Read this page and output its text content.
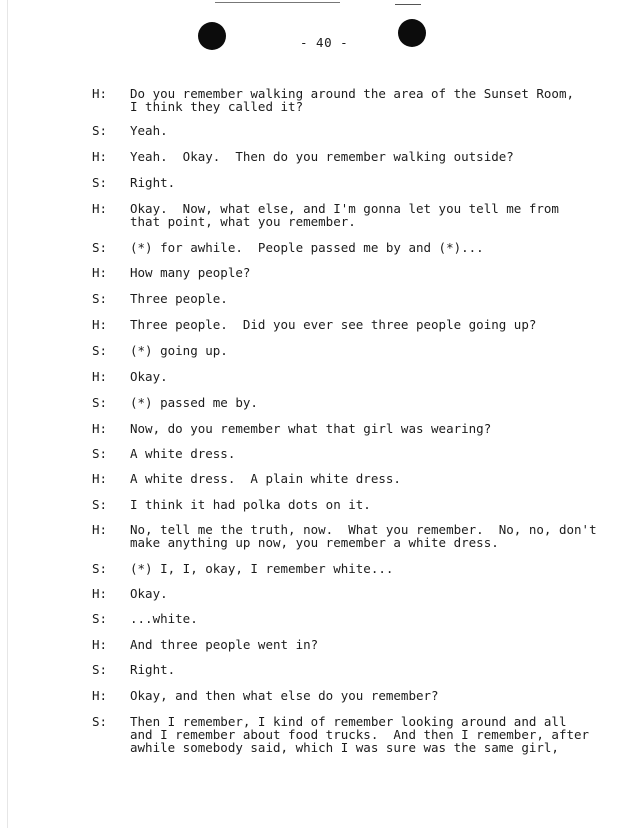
- 40 -
H: Do you remember walking around the area of the Sunset Room,
I think they called it?
S: Yeah.
H: Yeah.  Okay.  Then do you remember walking outside?
S: Right.
H: Okay.  Now, what else, and I'm gonna let you tell me from
that point, what you remember.
S: (*) for awhile.  People passed me by and (*)...
H: How many people?
S: Three people.
H: Three people.  Did you ever see three people going up?
S: (*) going up.
H: Okay.
S: (*) passed me by.
H: Now, do you remember what that girl was wearing?
S: A white dress.
H: A white dress.  A plain white dress.
S: I think it had polka dots on it.
H: No, tell me the truth, now.  What you remember.  No, no, don't
make anything up now, you remember a white dress.
S: (*) I, I, okay, I remember white...
H: Okay.
S: ...white.
H: And three people went in?
S: Right.
H: Okay, and then what else do you remember?
S: Then I remember, I kind of remember looking around and all
and I remember about food trucks.  And then I remember, after
awhile somebody said, which I was sure was the same girl,
